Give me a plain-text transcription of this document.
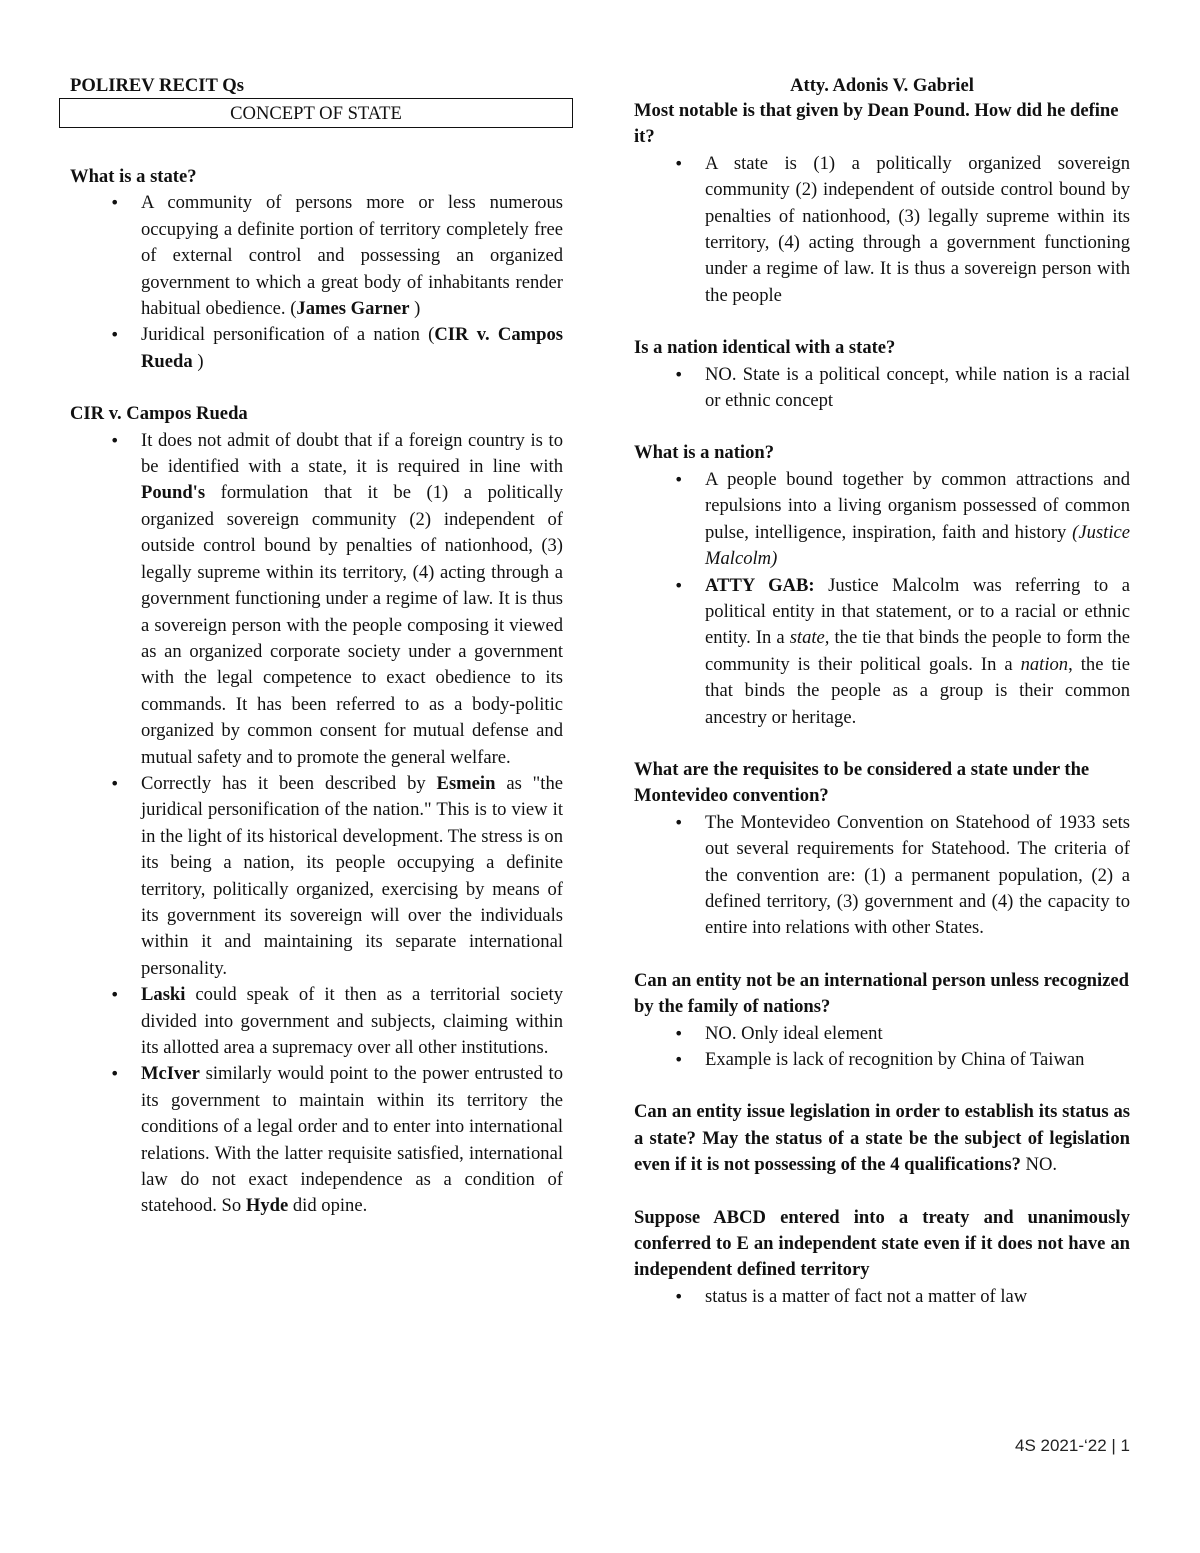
POLIREV RECIT Qs

CONCEPT OF STATE

What is a state?

• A community of persons more or less numerous occupying a definite portion of territory completely free of external control and possessing an organized government to which a great body of inhabitants render habitual obedience. (James Garner )
• Juridical personification of a nation (CIR v. Campos Rueda )

CIR v. Campos Rueda

• It does not admit of doubt that if a foreign country is to be identified with a state, it is required in line with Pound's formulation that it be (1) a politically organized sovereign community (2) independent of outside control bound by penalties of nationhood, (3) legally supreme within its territory, (4) acting through a government functioning under a regime of law. It is thus a sovereign person with the people composing it viewed as an organized corporate society under a government with the legal competence to exact obedience to its commands. It has been referred to as a body-politic organized by common consent for mutual defense and mutual safety and to promote the general welfare.
• Correctly has it been described by Esmein as "the juridical personification of the nation." This is to view it in the light of its historical development. The stress is on its being a nation, its people occupying a definite territory, politically organized, exercising by means of its government its sovereign will over the individuals within it and maintaining its separate international personality.
• Laski could speak of it then as a territorial society divided into government and subjects, claiming within its allotted area a supremacy over all other institutions.
• McIver similarly would point to the power entrusted to its government to maintain within its territory the conditions of a legal order and to enter into international relations. With the latter requisite satisfied, international law do not exact independence as a condition of statehood. So Hyde did opine.

Atty. Adonis V. Gabriel

Most notable is that given by Dean Pound. How did he define it?

• A state is (1) a politically organized sovereign community (2) independent of outside control bound by penalties of nationhood, (3) legally supreme within its territory, (4) acting through a government functioning under a regime of law. It is thus a sovereign person with the people

Is a nation identical with a state?

• NO. State is a political concept, while nation is a racial or ethnic concept

What is a nation?

• A people bound together by common attractions and repulsions into a living organism possessed of common pulse, intelligence, inspiration, faith and history (Justice Malcolm)
• ATTY GAB: Justice Malcolm was referring to a political entity in that statement, or to a racial or ethnic entity. In a state, the tie that binds the people to form the community is their political goals. In a nation, the tie that binds the people as a group is their common ancestry or heritage.

What are the requisites to be considered a state under the Montevideo convention?

• The Montevideo Convention on Statehood of 1933 sets out several requirements for Statehood. The criteria of the convention are: (1) a permanent population, (2) a defined territory, (3) government and (4) the capacity to entire into relations with other States.

Can an entity not be an international person unless recognized by the family of nations?

• NO. Only ideal element
• Example is lack of recognition by China of Taiwan

Can an entity issue legislation in order to establish its status as a state? May the status of a state be the subject of legislation even if it is not possessing of the 4 qualifications? NO.

Suppose ABCD entered into a treaty and unanimously conferred to E an independent state even if it does not have an independent defined territory

• status is a matter of fact not a matter of law
4S 2021-‘22 | 1
